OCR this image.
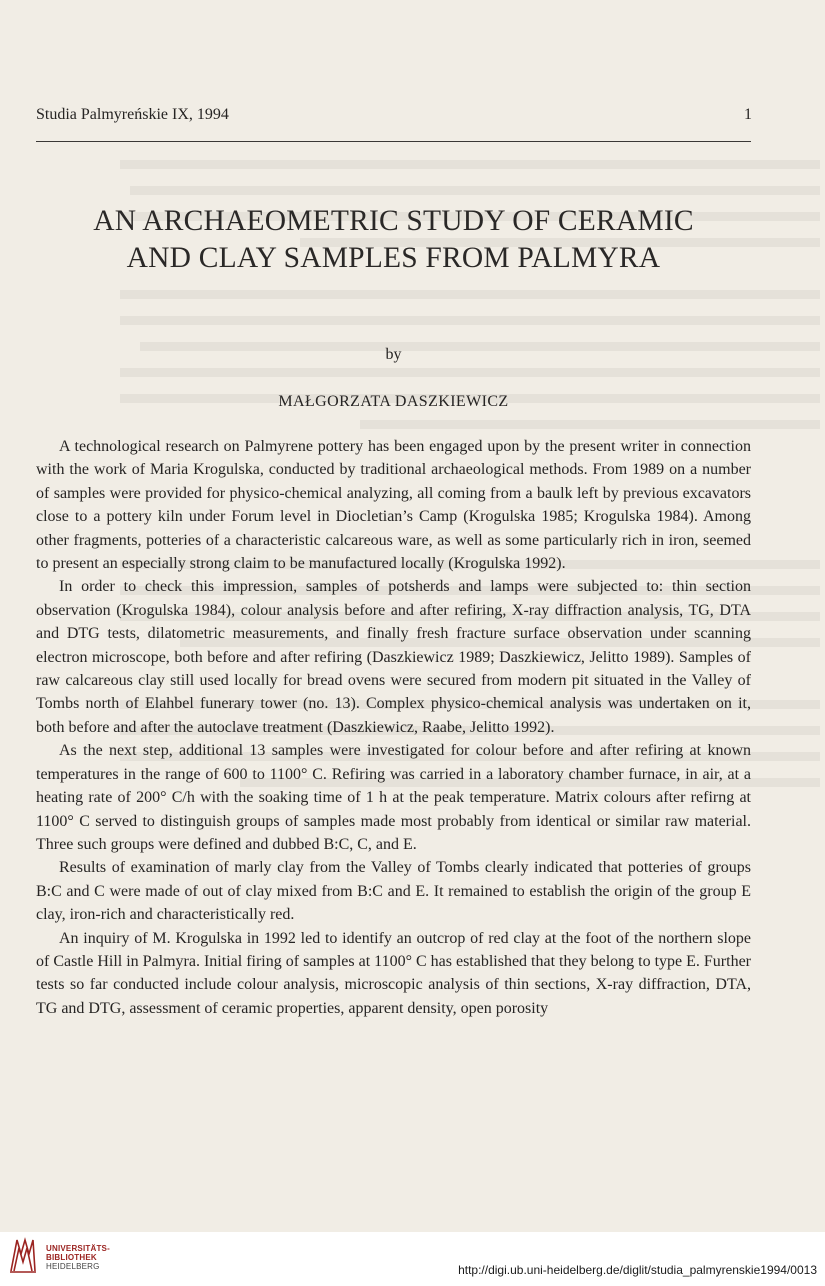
Studia Palmyreńskie IX, 1994	1
AN ARCHAEOMETRIC STUDY OF CERAMIC
AND CLAY SAMPLES FROM PALMYRA
by
MAŁGORZATA DASZKIEWICZ

A technological research on Palmyrene pottery has been engaged upon by the present writer in connection with the work of Maria Krogulska, conducted by traditional archaeological methods. From 1989 on a number of samples were provided for physico-chemical analyzing, all coming from a baulk left by previous excavators close to a pottery kiln under Forum level in Diocletian’s Camp (Krogulska 1985; Krogulska 1984). Among other fragments, potteries of a characteristic calcareous ware, as well as some particularly rich in iron, seemed to present an especially strong claim to be manufactured locally (Krogulska 1992).

In order to check this impression, samples of potsherds and lamps were subjected to: thin section observation (Krogulska 1984), colour analysis before and after refiring, X-ray diffraction analysis, TG, DTA and DTG tests, dilatometric measurements, and finally fresh fracture surface observation under scanning electron microscope, both before and after refiring (Daszkiewicz 1989; Daszkiewicz, Jelitto 1989). Samples of raw calcareous clay still used locally for bread ovens were secured from modern pit situated in the Valley of Tombs north of Elahbel funerary tower (no. 13). Complex physico-chemical analysis was undertaken on it, both before and after the autoclave treatment (Daszkiewicz, Raabe, Jelitto 1992).

As the next step, additional 13 samples were investigated for colour before and after refiring at known temperatures in the range of 600 to 1100° C. Refiring was carried in a laboratory chamber furnace, in air, at a heating rate of 200° C/h with the soaking time of 1 h at the peak temperature. Matrix colours after refirng at 1100° C served to distinguish groups of samples made most probably from identical or similar raw material. Three such groups were defined and dubbed B:C, C, and E.

Results of examination of marly clay from the Valley of Tombs clearly indicated that potteries of groups B:C and C were made of out of clay mixed from B:C and E. It remained to establish the origin of the group E clay, iron-rich and characteristically red.

An inquiry of M. Krogulska in 1992 led to identify an outcrop of red clay at the foot of the northern slope of Castle Hill in Palmyra. Initial firing of samples at 1100° C has established that they belong to type E. Further tests so far conducted include colour analysis, microscopic analysis of thin sections, X-ray diffraction, DTA, TG and DTG, assessment of ceramic properties, apparent density, open porosity

UNIVERSITÄTS-
BIBLIOTHEK
HEIDELBERG	http://digi.ub.uni-heidelberg.de/diglit/studia_palmyrenskie1994/0013
